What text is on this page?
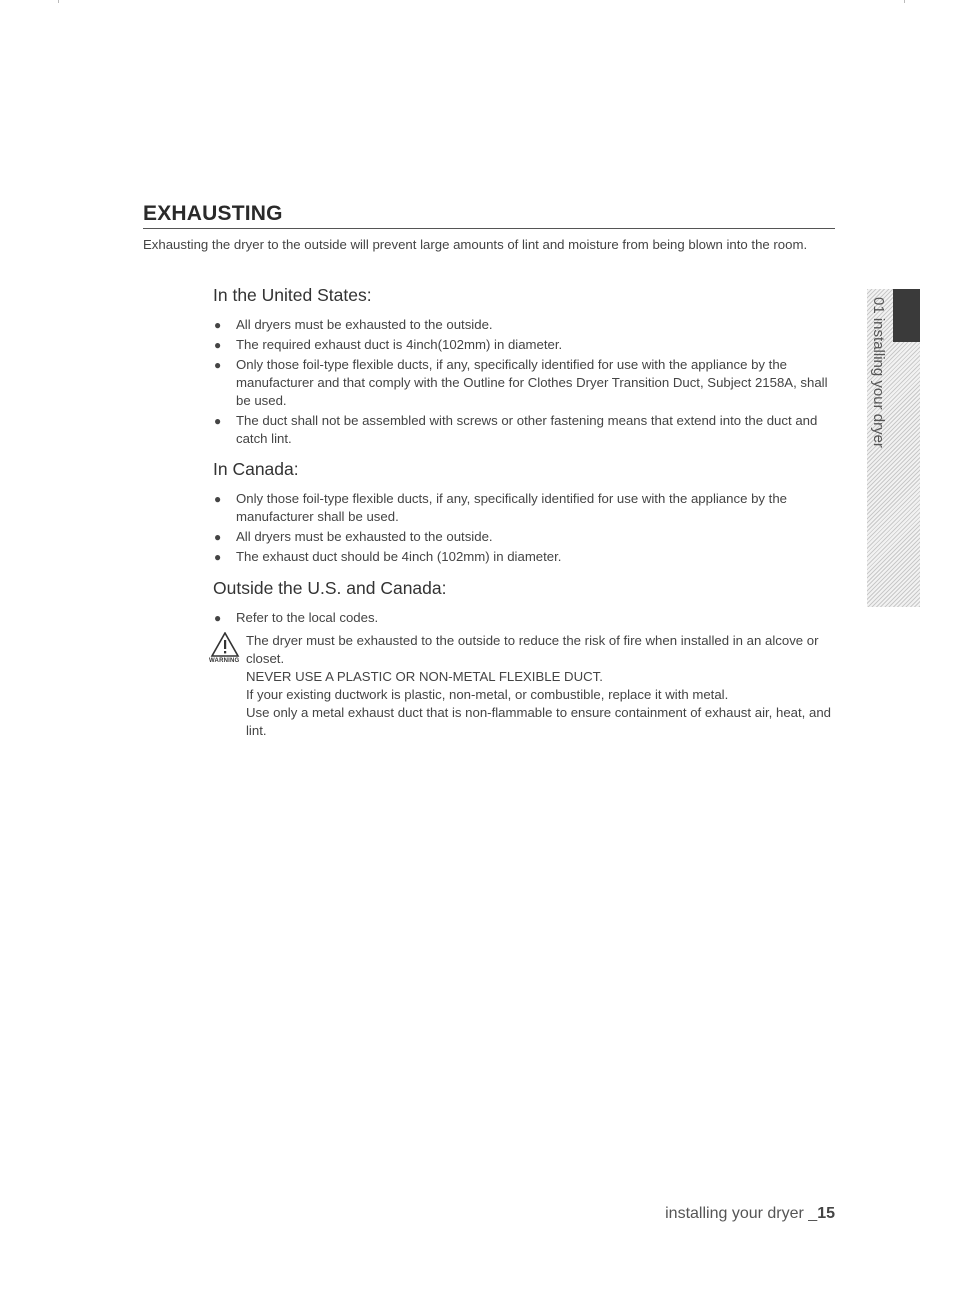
EXHAUSTING
Exhausting the dryer to the outside will prevent large amounts of lint and moisture from being blown into the room.
In the United States:
● All dryers must be exhausted to the outside.
● The required exhaust duct is 4inch(102mm) in diameter.
● Only those foil-type flexible ducts, if any, specifically identified for use with the appliance by the manufacturer and that comply with the Outline for Clothes Dryer Transition Duct, Subject 2158A, shall be used.
● The duct shall not be assembled with screws or other fastening means that extend into the duct and catch lint.
In Canada:
● Only those foil-type flexible ducts, if any, specifically identified for use with the appliance by the manufacturer shall be used.
● All dryers must be exhausted to the outside.
● The exhaust duct should be 4inch (102mm) in diameter.
Outside the U.S. and Canada:
● Refer to the local codes.
WARNING
The dryer must be exhausted to the outside to reduce the risk of fire when installed in an alcove or closet.
NEVER USE A PLASTIC OR NON-METAL FLEXIBLE DUCT.
If your existing ductwork is plastic, non-metal, or combustible, replace it with metal.
Use only a metal exhaust duct that is non-flammable to ensure containment of exhaust air, heat, and lint.
01 installing your dryer
installing your dryer _15
